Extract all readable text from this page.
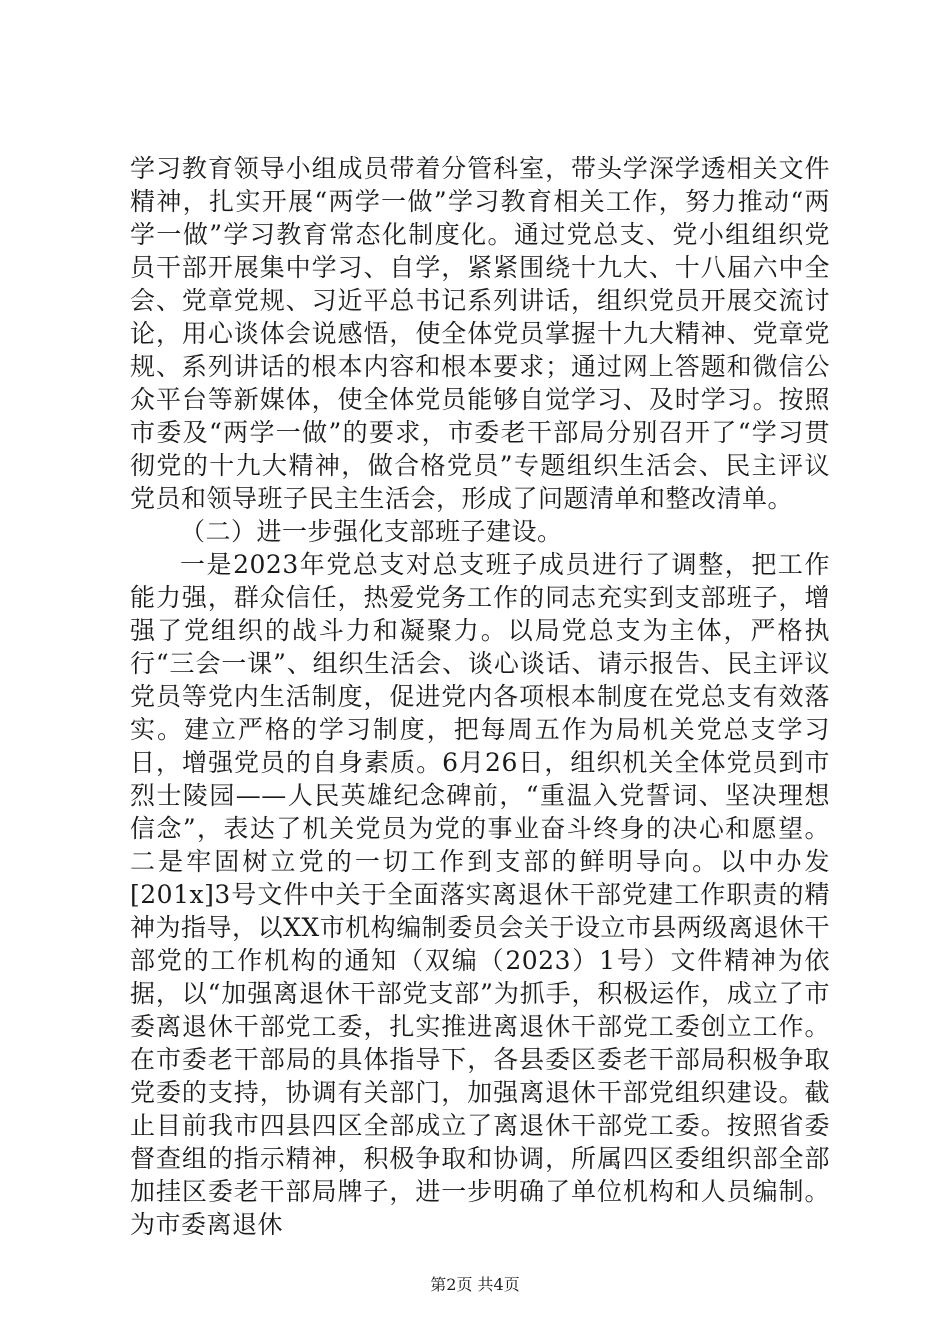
学习教育领导小组成员带着分管科室，带头学深学透相关文件精神，扎实开展“两学一做”学习教育相关工作，努力推动“两学一做”学习教育常态化制度化。通过党总支、党小组组织党员干部开展集中学习、自学，紧紧围绕十九大、十八届六中全会、党章党规、习近平总书记系列讲话，组织党员开展交流讨论，用心谈体会说感悟，使全体党员掌握十九大精神、党章党规、系列讲话的根本内容和根本要求；通过网上答题和微信公众平台等新媒体，使全体党员能够自觉学习、及时学习。按照市委及“两学一做”的要求，市委老干部局分别召开了“学习贯彻党的十九大精神，做合格党员”专题组织生活会、民主评议党员和领导班子民主生活会，形成了问题清单和整改清单。

（二）进一步强化支部班子建设。

一是2023年党总支对总支班子成员进行了调整，把工作能力强，群众信任，热爱党务工作的同志充实到支部班子，增强了党组织的战斗力和凝聚力。以局党总支为主体，严格执行“三会一课”、组织生活会、谈心谈话、请示报告、民主评议党员等党内生活制度，促进党内各项根本制度在党总支有效落实。建立严格的学习制度，把每周五作为局机关党总支学习日，增强党员的自身素质。6月26日，组织机关全体党员到市烈士陵园——人民英雄纪念碑前，“重温入党誓词、坚决理想信念”，表达了机关党员为党的事业奋斗终身的决心和愿望。二是牢固树立党的一切工作到支部的鲜明导向。以中办发[201x]3号文件中关于全面落实离退休干部党建工作职责的精神为指导，以XX市机构编制委员会关于设立市县两级离退休干部党的工作机构的通知（双编（2023）1号）文件精神为依据，以“加强离退休干部党支部”为抓手，积极运作，成立了市委离退休干部党工委，扎实推进离退休干部党工委创立工作。在市委老干部局的具体指导下，各县委区委老干部局积极争取党委的支持，协调有关部门，加强离退休干部党组织建设。截止目前我市四县四区全部成立了离退休干部党工委。按照省委督查组的指示精神，积极争取和协调，所属四区委组织部全部加挂区委老干部局牌子，进一步明确了单位机构和人员编制。为市委离退休

第2页 共4页
